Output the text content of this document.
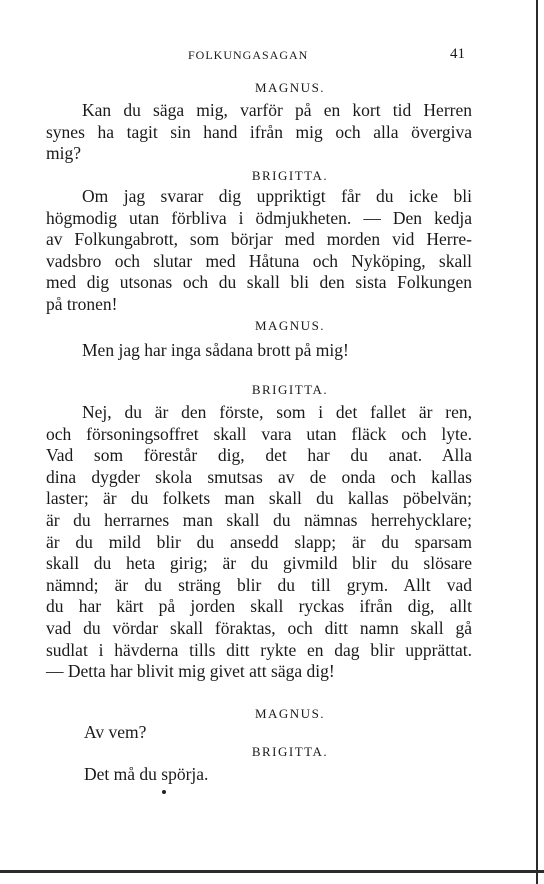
FOLKUNGASAGAN	41
MAGNUS.
Kan du säga mig, varför på en kort tid Herren
synes ha tagit sin hand ifrån mig och alla övergiva
mig?
BRIGITTA.
Om jag svarar dig uppriktigt får du icke bli
högmodig utan förbliva i ödmjukheten. — Den kedja
av Folkungabrott, som börjar med morden vid Herre-
vadsbro och slutar med Håtuna och Nyköping, skall
med dig utsonas och du skall bli den sista Folkungen
på tronen!
MAGNUS.
Men jag har inga sådana brott på mig!
BRIGITTA.
Nej, du är den förste, som i det fallet är ren,
och försoningsoffret skall vara utan fläck och lyte.
Vad som förestår dig, det har du anat. Alla
dina dygder skola smutsas av de onda och kallas
laster; är du folkets man skall du kallas pöbelvän;
är du herrarnes man skall du nämnas herrehycklare;
är du mild blir du ansedd slapp; är du sparsam
skall du heta girig; är du givmild blir du slösare
nämnd; är du sträng blir du till grym. Allt vad
du har kärt på jorden skall ryckas ifrån dig, allt
vad du vördar skall föraktas, och ditt namn skall gå
sudlat i hävderna tills ditt rykte en dag blir upprättat.
— Detta har blivit mig givet att säga dig!
MAGNUS.
Av vem?
BRIGITTA.
Det må du spörja.
